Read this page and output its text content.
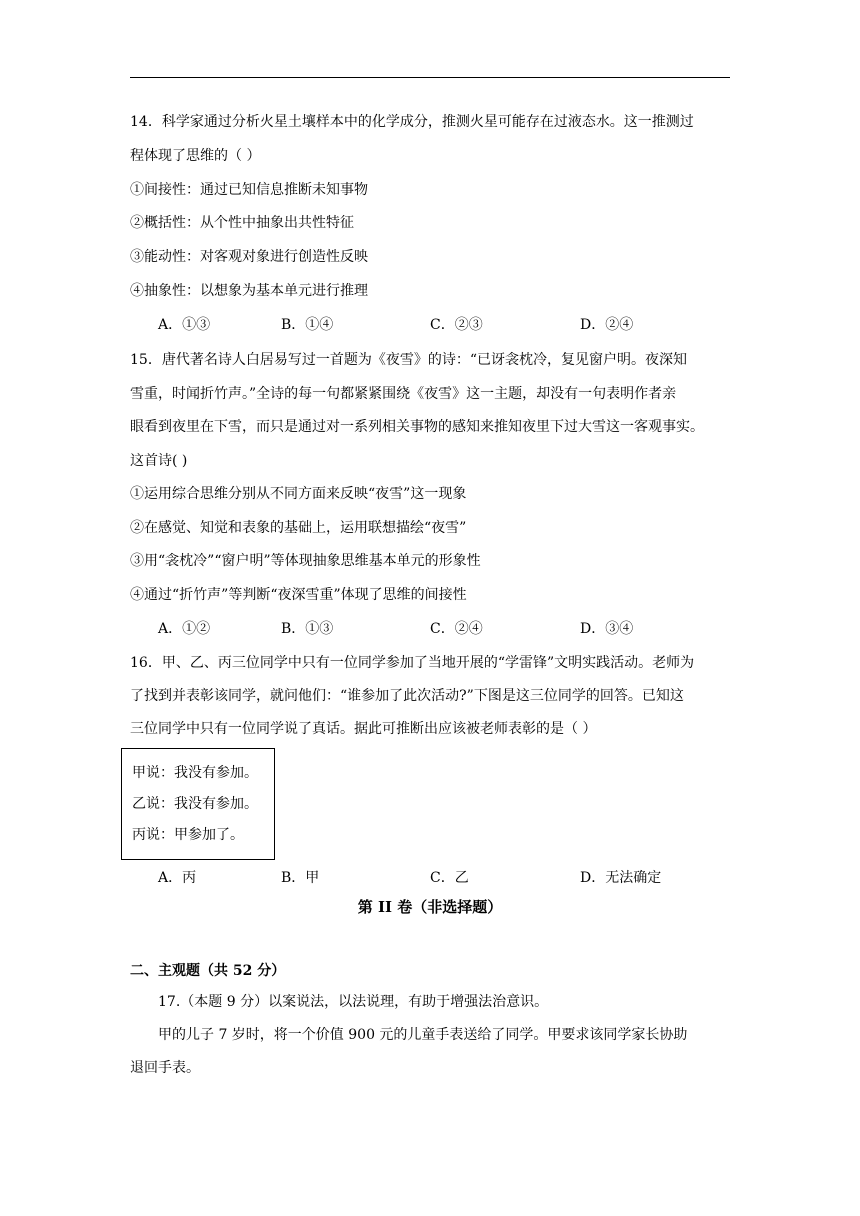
14．科学家通过分析火星土壤样本中的化学成分，推测火星可能存在过液态水。这一推测过
程体现了思维的（ ）
①间接性：通过已知信息推断未知事物
②概括性：从个性中抽象出共性特征
③能动性：对客观对象进行创造性反映
④抽象性：以想象为基本单元进行推理
A．①③	B．①④	C．②③	D．②④
15．唐代著名诗人白居易写过一首题为《夜雪》的诗：“已讶衾枕冷，复见窗户明。夜深知
雪重，时闻折竹声。”全诗的每一句都紧紧围绕《夜雪》这一主题，却没有一句表明作者亲
眼看到夜里在下雪，而只是通过对一系列相关事物的感知来推知夜里下过大雪这一客观事实。
这首诗( )
①运用综合思维分别从不同方面来反映“夜雪”这一现象
②在感觉、知觉和表象的基础上，运用联想描绘“夜雪”
③用“衾枕冷”“窗户明”等体现抽象思维基本单元的形象性
④通过“折竹声”等判断“夜深雪重”体现了思维的间接性
A．①②	B．①③	C．②④	D．③④
16．甲、乙、丙三位同学中只有一位同学参加了当地开展的“学雷锋”文明实践活动。老师为
了找到并表彰该同学，就问他们：“谁参加了此次活动?”下图是这三位同学的回答。已知这
三位同学中只有一位同学说了真话。据此可推断出应该被老师表彰的是（ ）
甲说：我没有参加。
乙说：我没有参加。
丙说：甲参加了。
A．丙	B．甲	C．乙	D．无法确定
第 II 卷（非选择题）
二、主观题（共 52 分）
17.（本题 9 分）以案说法，以法说理，有助于增强法治意识。
甲的儿子 7 岁时，将一个价值 900 元的儿童手表送给了同学。甲要求该同学家长协助
退回手表。
